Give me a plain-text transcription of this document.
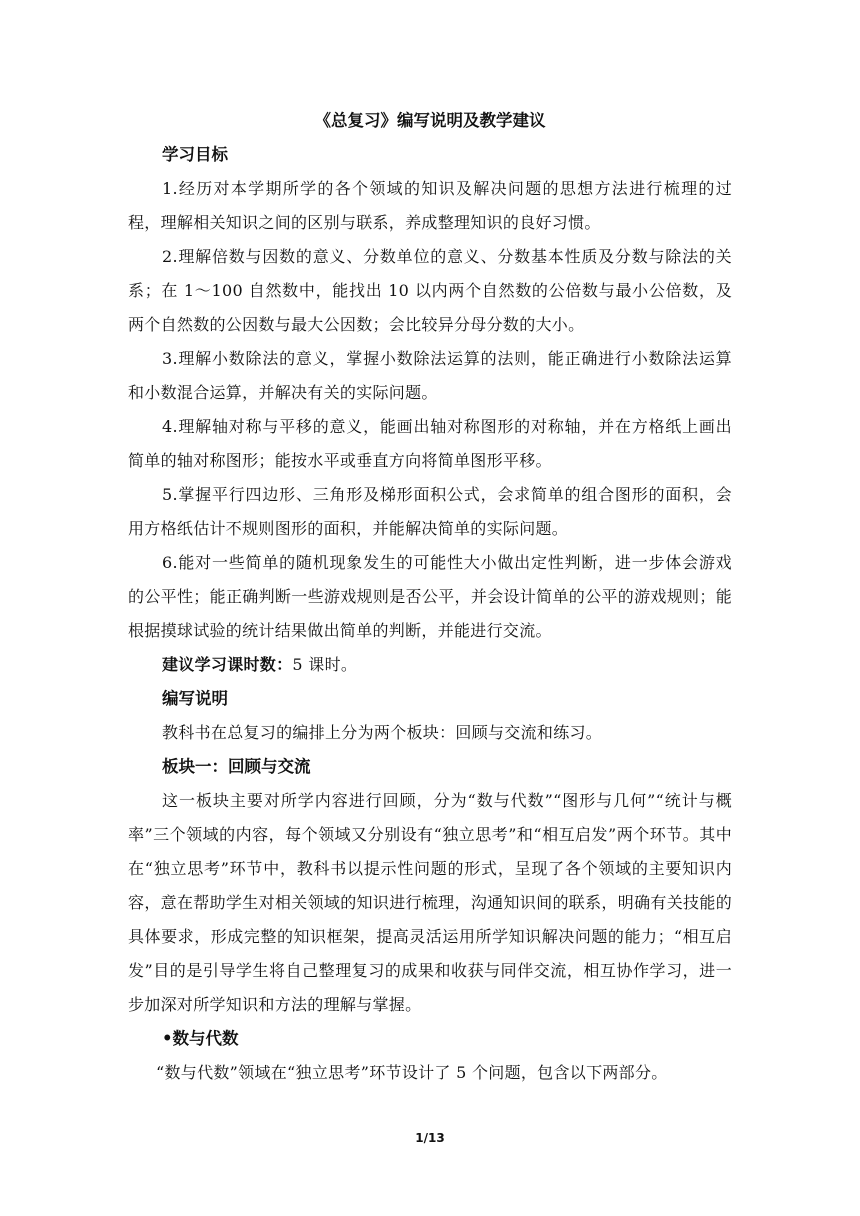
《总复习》编写说明及教学建议
学习目标

1.经历对本学期所学的各个领域的知识及解决问题的思想方法进行梳理的过程，理解相关知识之间的区别与联系，养成整理知识的良好习惯。

2.理解倍数与因数的意义、分数单位的意义、分数基本性质及分数与除法的关系；在 1～100 自然数中，能找出 10 以内两个自然数的公倍数与最小公倍数，及两个自然数的公因数与最大公因数；会比较异分母分数的大小。

3.理解小数除法的意义，掌握小数除法运算的法则，能正确进行小数除法运算和小数混合运算，并解决有关的实际问题。

4.理解轴对称与平移的意义，能画出轴对称图形的对称轴，并在方格纸上画出简单的轴对称图形；能按水平或垂直方向将简单图形平移。

5.掌握平行四边形、三角形及梯形面积公式，会求简单的组合图形的面积，会用方格纸估计不规则图形的面积，并能解决简单的实际问题。

6.能对一些简单的随机现象发生的可能性大小做出定性判断，进一步体会游戏的公平性；能正确判断一些游戏规则是否公平，并会设计简单的公平的游戏规则；能根据摸球试验的统计结果做出简单的判断，并能进行交流。

建议学习课时数：5 课时。

编写说明

教科书在总复习的编排上分为两个板块：回顾与交流和练习。

板块一：回顾与交流

这一板块主要对所学内容进行回顾，分为“数与代数”“图形与几何”“统计与概率”三个领域的内容，每个领域又分别设有“独立思考”和“相互启发”两个环节。其中在“独立思考”环节中，教科书以提示性问题的形式，呈现了各个领域的主要知识内容，意在帮助学生对相关领域的知识进行梳理，沟通知识间的联系，明确有关技能的具体要求，形成完整的知识框架，提高灵活运用所学知识解决问题的能力；“相互启发”目的是引导学生将自己整理复习的成果和收获与同伴交流，相互协作学习，进一步加深对所学知识和方法的理解与掌握。

•数与代数

“数与代数”领域在“独立思考”环节设计了 5 个问题，包含以下两部分。

1/13
